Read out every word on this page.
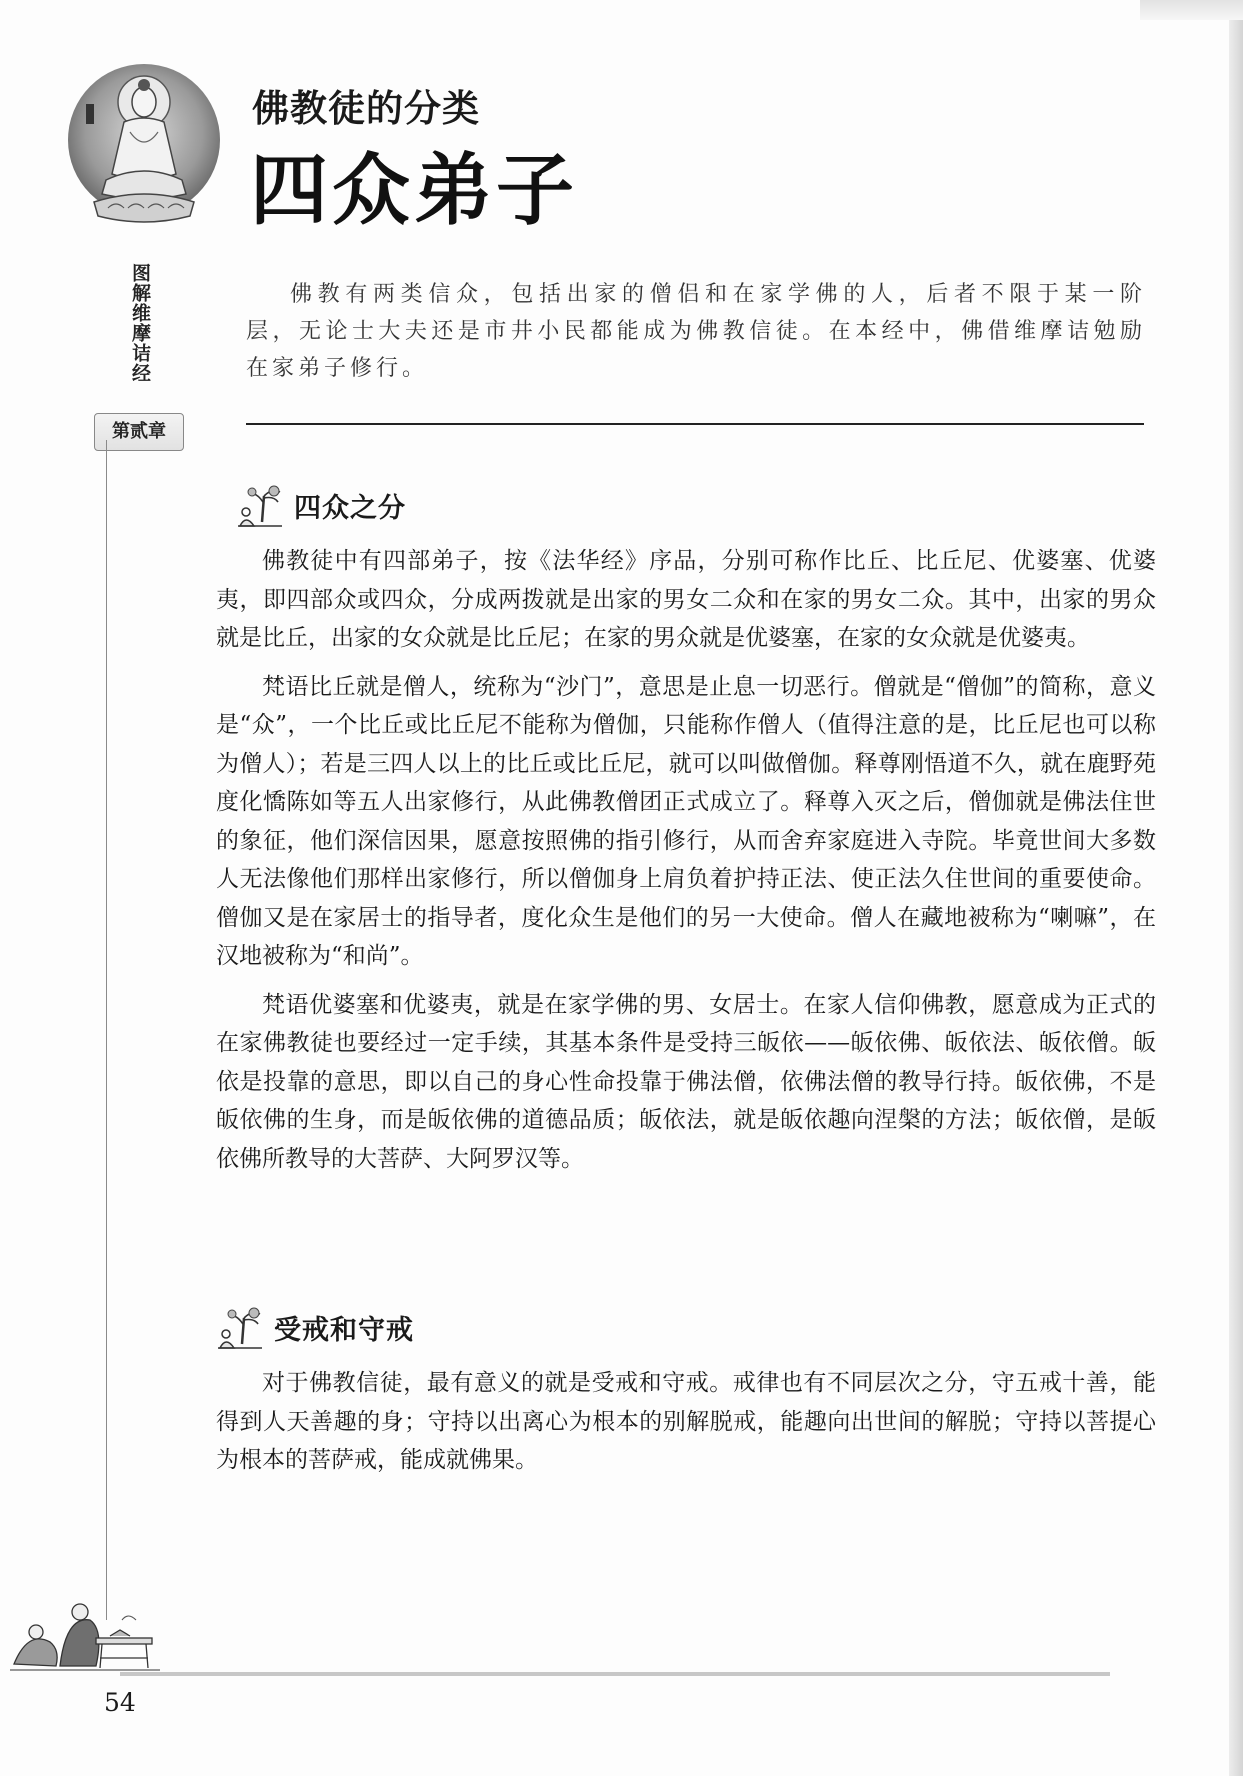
图解维摩诘经
第贰章
佛教徒的分类
四众弟子

佛教有两类信众，包括出家的僧侣和在家学佛的人，后者不限于某一阶层，无论士大夫还是市井小民都能成为佛教信徒。在本经中，佛借维摩诘勉励在家弟子修行。

四众之分

佛教徒中有四部弟子，按《法华经》序品，分别可称作比丘、比丘尼、优婆塞、优婆夷，即四部众或四众，分成两拨就是出家的男女二众和在家的男女二众。其中，出家的男众就是比丘，出家的女众就是比丘尼；在家的男众就是优婆塞，在家的女众就是优婆夷。

梵语比丘就是僧人，统称为“沙门”，意思是止息一切恶行。僧就是“僧伽”的简称，意义是“众”，一个比丘或比丘尼不能称为僧伽，只能称作僧人（值得注意的是，比丘尼也可以称为僧人）；若是三四人以上的比丘或比丘尼，就可以叫做僧伽。释尊刚悟道不久，就在鹿野苑度化憍陈如等五人出家修行，从此佛教僧团正式成立了。释尊入灭之后，僧伽就是佛法住世的象征，他们深信因果，愿意按照佛的指引修行，从而舍弃家庭进入寺院。毕竟世间大多数人无法像他们那样出家修行，所以僧伽身上肩负着护持正法、使正法久住世间的重要使命。僧伽又是在家居士的指导者，度化众生是他们的另一大使命。僧人在藏地被称为“喇嘛”，在汉地被称为“和尚”。

梵语优婆塞和优婆夷，就是在家学佛的男、女居士。在家人信仰佛教，愿意成为正式的在家佛教徒也要经过一定手续，其基本条件是受持三皈依——皈依佛、皈依法、皈依僧。皈依是投靠的意思，即以自己的身心性命投靠于佛法僧，依佛法僧的教导行持。皈依佛，不是皈依佛的生身，而是皈依佛的道德品质；皈依法，就是皈依趣向涅槃的方法；皈依僧，是皈依佛所教导的大菩萨、大阿罗汉等。

受戒和守戒

对于佛教信徒，最有意义的就是受戒和守戒。戒律也有不同层次之分，守五戒十善，能得到人天善趣的身；守持以出离心为根本的别解脱戒，能趣向出世间的解脱；守持以菩提心为根本的菩萨戒，能成就佛果。

54
